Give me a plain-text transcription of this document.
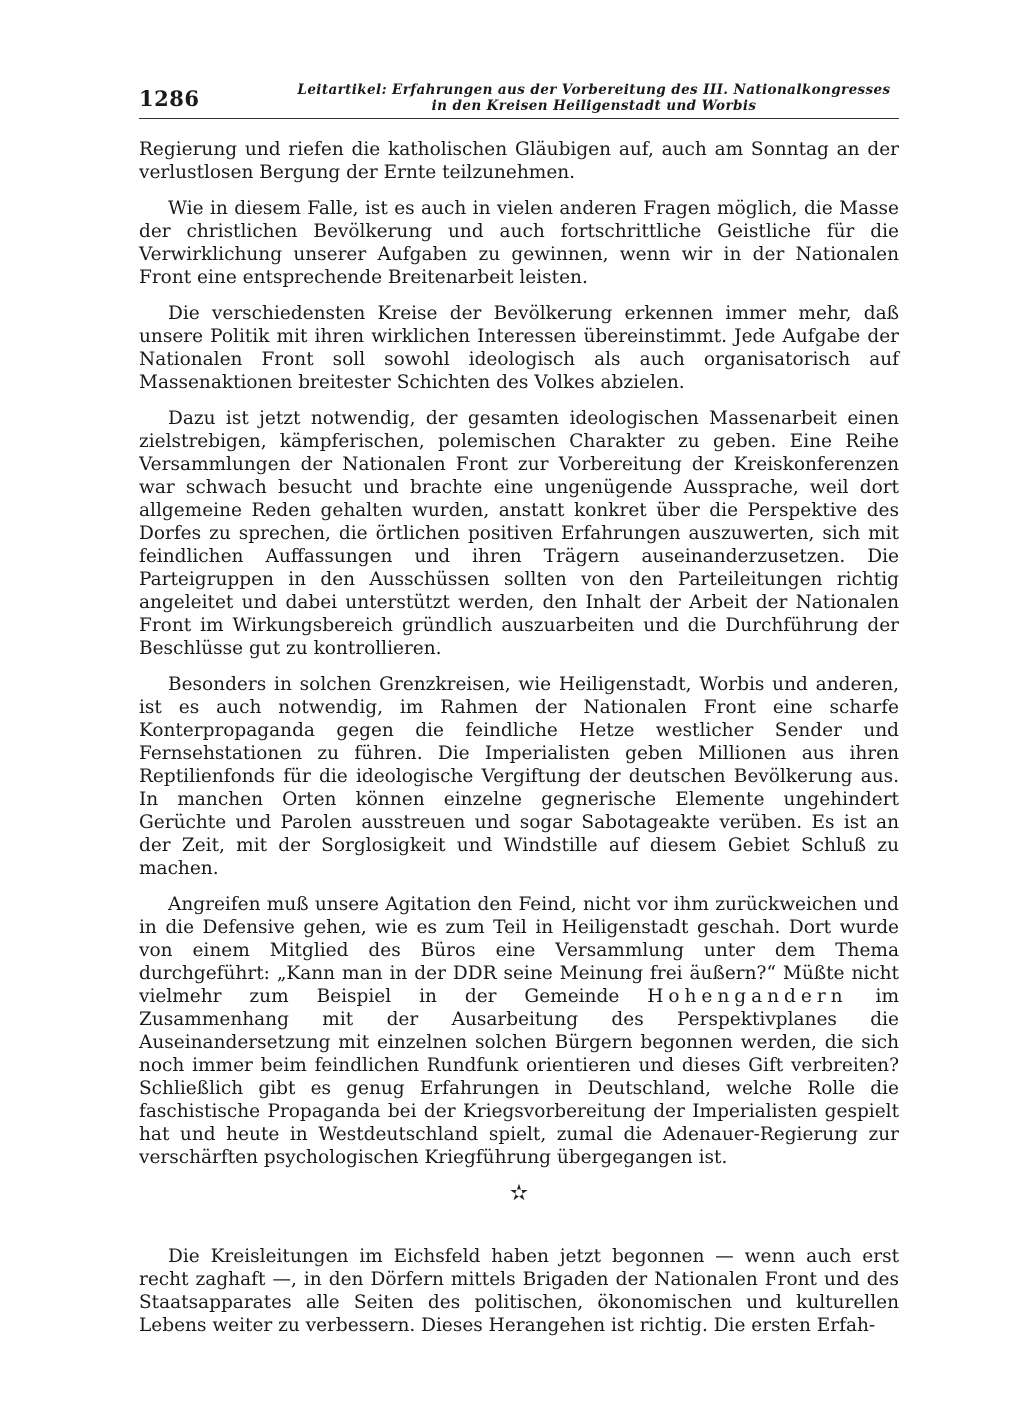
1286	Leitartikel: Erfahrungen aus der Vorbereitung des III. Nationalkongresses
in den Kreisen Heiligenstadt und Worbis

Regierung und riefen die katholischen Gläubigen auf, auch am Sonntag an der verlustlosen Bergung der Ernte teilzunehmen.

Wie in diesem Falle, ist es auch in vielen anderen Fragen möglich, die Masse der christlichen Bevölkerung und auch fortschrittliche Geistliche für die Verwirklichung unserer Aufgaben zu gewinnen, wenn wir in der Nationalen Front eine entsprechende Breitenarbeit leisten.

Die verschiedensten Kreise der Bevölkerung erkennen immer mehr, daß unsere Politik mit ihren wirklichen Interessen übereinstimmt. Jede Aufgabe der Nationalen Front soll sowohl ideologisch als auch organisatorisch auf Massenaktionen breitester Schichten des Volkes abzielen.

Dazu ist jetzt notwendig, der gesamten ideologischen Massenarbeit einen zielstrebigen, kämpferischen, polemischen Charakter zu geben. Eine Reihe Versammlungen der Nationalen Front zur Vorbereitung der Kreiskonferenzen war schwach besucht und brachte eine ungenügende Aussprache, weil dort allgemeine Reden gehalten wurden, anstatt konkret über die Perspektive des Dorfes zu sprechen, die örtlichen positiven Erfahrungen auszuwerten, sich mit feindlichen Auffassungen und ihren Trägern auseinanderzusetzen. Die Parteigruppen in den Ausschüssen sollten von den Parteileitungen richtig angeleitet und dabei unterstützt werden, den Inhalt der Arbeit der Nationalen Front im Wirkungsbereich gründlich auszuarbeiten und die Durchführung der Beschlüsse gut zu kontrollieren.

Besonders in solchen Grenzkreisen, wie Heiligenstadt, Worbis und anderen, ist es auch notwendig, im Rahmen der Nationalen Front eine scharfe Konterpropaganda gegen die feindliche Hetze westlicher Sender und Fernsehstationen zu führen. Die Imperialisten geben Millionen aus ihren Reptilienfonds für die ideologische Vergiftung der deutschen Bevölkerung aus. In manchen Orten können einzelne gegnerische Elemente ungehindert Gerüchte und Parolen ausstreuen und sogar Sabotageakte verüben. Es ist an der Zeit, mit der Sorglosigkeit und Windstille auf diesem Gebiet Schluß zu machen.

Angreifen muß unsere Agitation den Feind, nicht vor ihm zurückweichen und in die Defensive gehen, wie es zum Teil in Heiligenstadt geschah. Dort wurde von einem Mitglied des Büros eine Versammlung unter dem Thema durchgeführt: „Kann man in der DDR seine Meinung frei äußern?“ Müßte nicht vielmehr zum Beispiel in der Gemeinde Hohengandern im Zusammenhang mit der Ausarbeitung des Perspektivplanes die Auseinandersetzung mit einzelnen solchen Bürgern begonnen werden, die sich noch immer beim feindlichen Rundfunk orientieren und dieses Gift verbreiten? Schließlich gibt es genug Erfahrungen in Deutschland, welche Rolle die faschistische Propaganda bei der Kriegsvorbereitung der Imperialisten gespielt hat und heute in Westdeutschland spielt, zumal die Adenauer-Regierung zur verschärften psychologischen Kriegführung übergegangen ist.

✫

Die Kreisleitungen im Eichsfeld haben jetzt begonnen — wenn auch erst recht zaghaft —, in den Dörfern mittels Brigaden der Nationalen Front und des Staatsapparates alle Seiten des politischen, ökonomischen und kulturellen Lebens weiter zu verbessern. Dieses Herangehen ist richtig. Die ersten Erfah-
